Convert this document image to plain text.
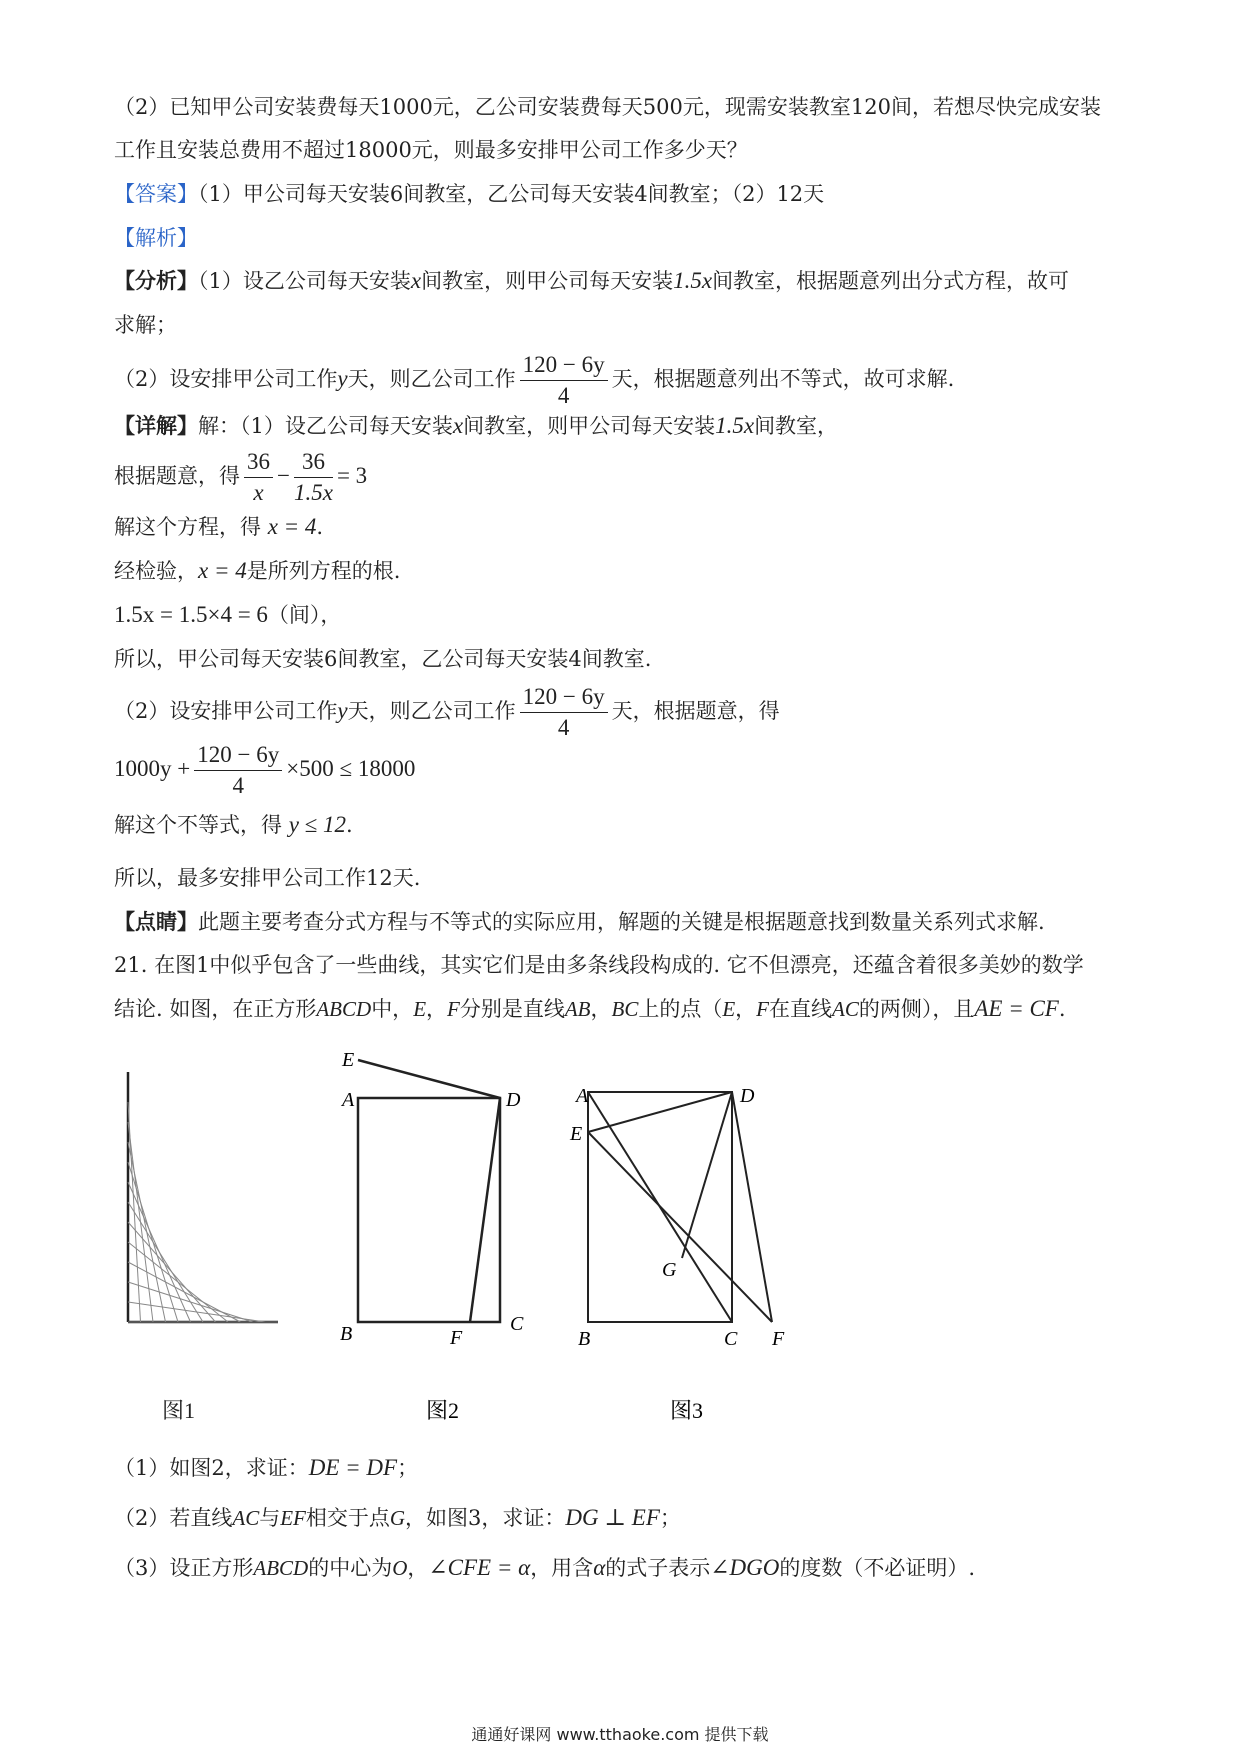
（2）已知甲公司安装费每天1000元，乙公司安装费每天500元，现需安装教室120间，若想尽快完成安装
工作且安装总费用不超过18000元，则最多安排甲公司工作多少天？
【答案】（1）甲公司每天安装6间教室，乙公司每天安装4间教室；（2）12天
【解析】
【分析】（1）设乙公司每天安装x间教室，则甲公司每天安装1.5x间教室，根据题意列出分式方程，故可
求解；
（2）设安排甲公司工作y天，则乙公司工作 $\frac{120 - 6y}{4}$ 天，根据题意列出不等式，故可求解.
【详解】解：（1）设乙公司每天安装x间教室，则甲公司每天安装1.5x间教室，
根据题意，得 $\frac{36}{x} - \frac{36}{1.5x} = 3$
解这个方程，得 x = 4.
经检验，x = 4是所列方程的根.
1.5x = 1.5×4 = 6（间），
所以，甲公司每天安装6间教室，乙公司每天安装4间教室.
（2）设安排甲公司工作y天，则乙公司工作 $\frac{120 - 6y}{4}$ 天，根据题意，得
$1000y + \frac{120 - 6y}{4} \times 500 \le 18000$
解这个不等式，得 y ≤ 12.
所以，最多安排甲公司工作12天.
【点睛】此题主要考查分式方程与不等式的实际应用，解题的关键是根据题意找到数量关系列式求解.
21. 在图1中似乎包含了一些曲线，其实它们是由多条线段构成的. 它不但漂亮，还蕴含着很多美妙的数学
结论. 如图，在正方形ABCD中，E，F分别是直线AB，BC上的点（E，F在直线AC的两侧），且AE = CF.
图1
E
A	D
B	C
F
图2
A	D
E
G
B	C F
图3
（1）如图2，求证：DE = DF；
（2）若直线AC与EF相交于点G，如图3，求证：DG ⊥ EF；
（3）设正方形ABCD的中心为O，∠CFE = α，用含α的式子表示∠DGO的度数（不必证明）.
通通好课网 www.tthaoke.com 提供下载
